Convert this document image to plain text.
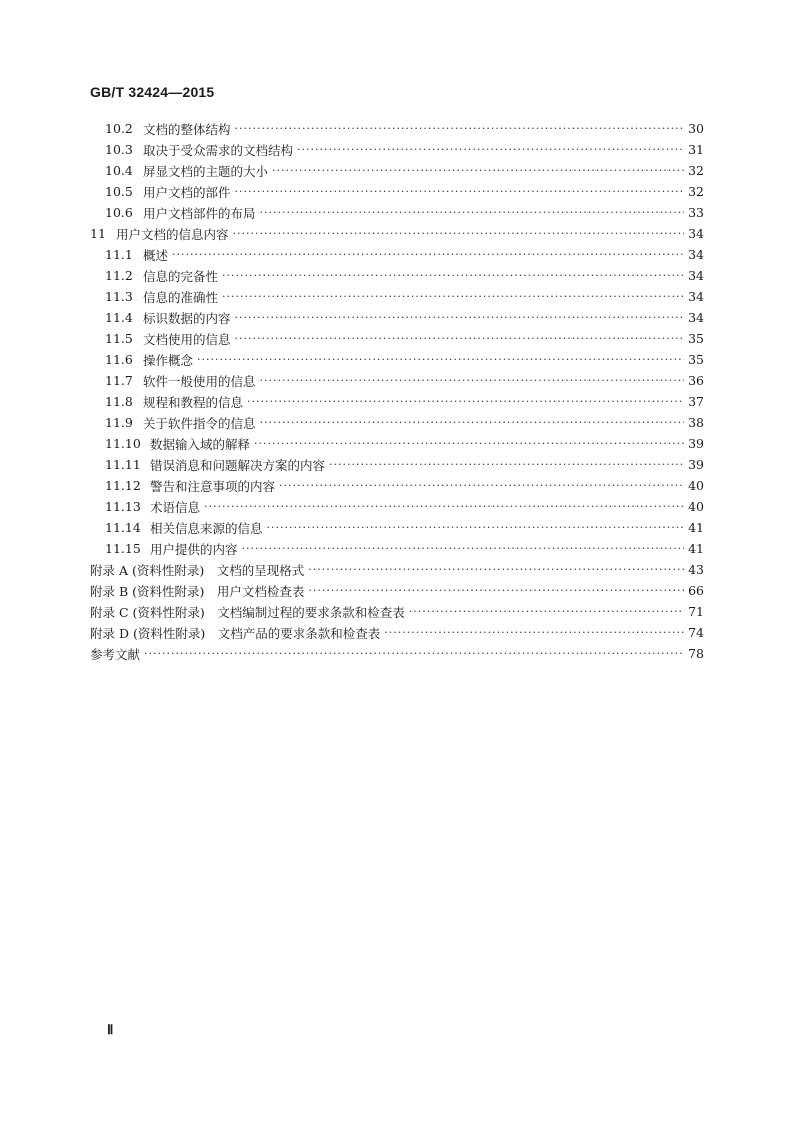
GB/T 32424—2015
10.2 文档的整体结构 ·····	30
10.3 取决于受众需求的文档结构 ·····	31
10.4 屏显文档的主题的大小 ·····	32
10.5 用户文档的部件 ·····	32
10.6 用户文档部件的布局 ·····	33
11 用户文档的信息内容 ·····	34
11.1 概述 ·····	34
11.2 信息的完备性 ·····	34
11.3 信息的准确性 ·····	34
11.4 标识数据的内容 ·····	34
11.5 文档使用的信息 ·····	35
11.6 操作概念 ·····	35
11.7 软件一般使用的信息 ·····	36
11.8 规程和教程的信息 ·····	37
11.9 关于软件指令的信息 ·····	38
11.10 数据输入域的解释 ·····	39
11.11 错误消息和问题解决方案的内容 ·····	39
11.12 警告和注意事项的内容 ·····	40
11.13 术语信息 ·····	40
11.14 相关信息来源的信息 ·····	41
11.15 用户提供的内容 ·····	41
附录 A (资料性附录)　文档的呈现格式 ·····	43
附录 B (资料性附录)　用户文档检查表 ·····	66
附录 C (资料性附录)　文档编制过程的要求条款和检查表 ·····	71
附录 D (资料性附录)　文档产品的要求条款和检查表 ·····	74
参考文献 ·····	78
Ⅱ
